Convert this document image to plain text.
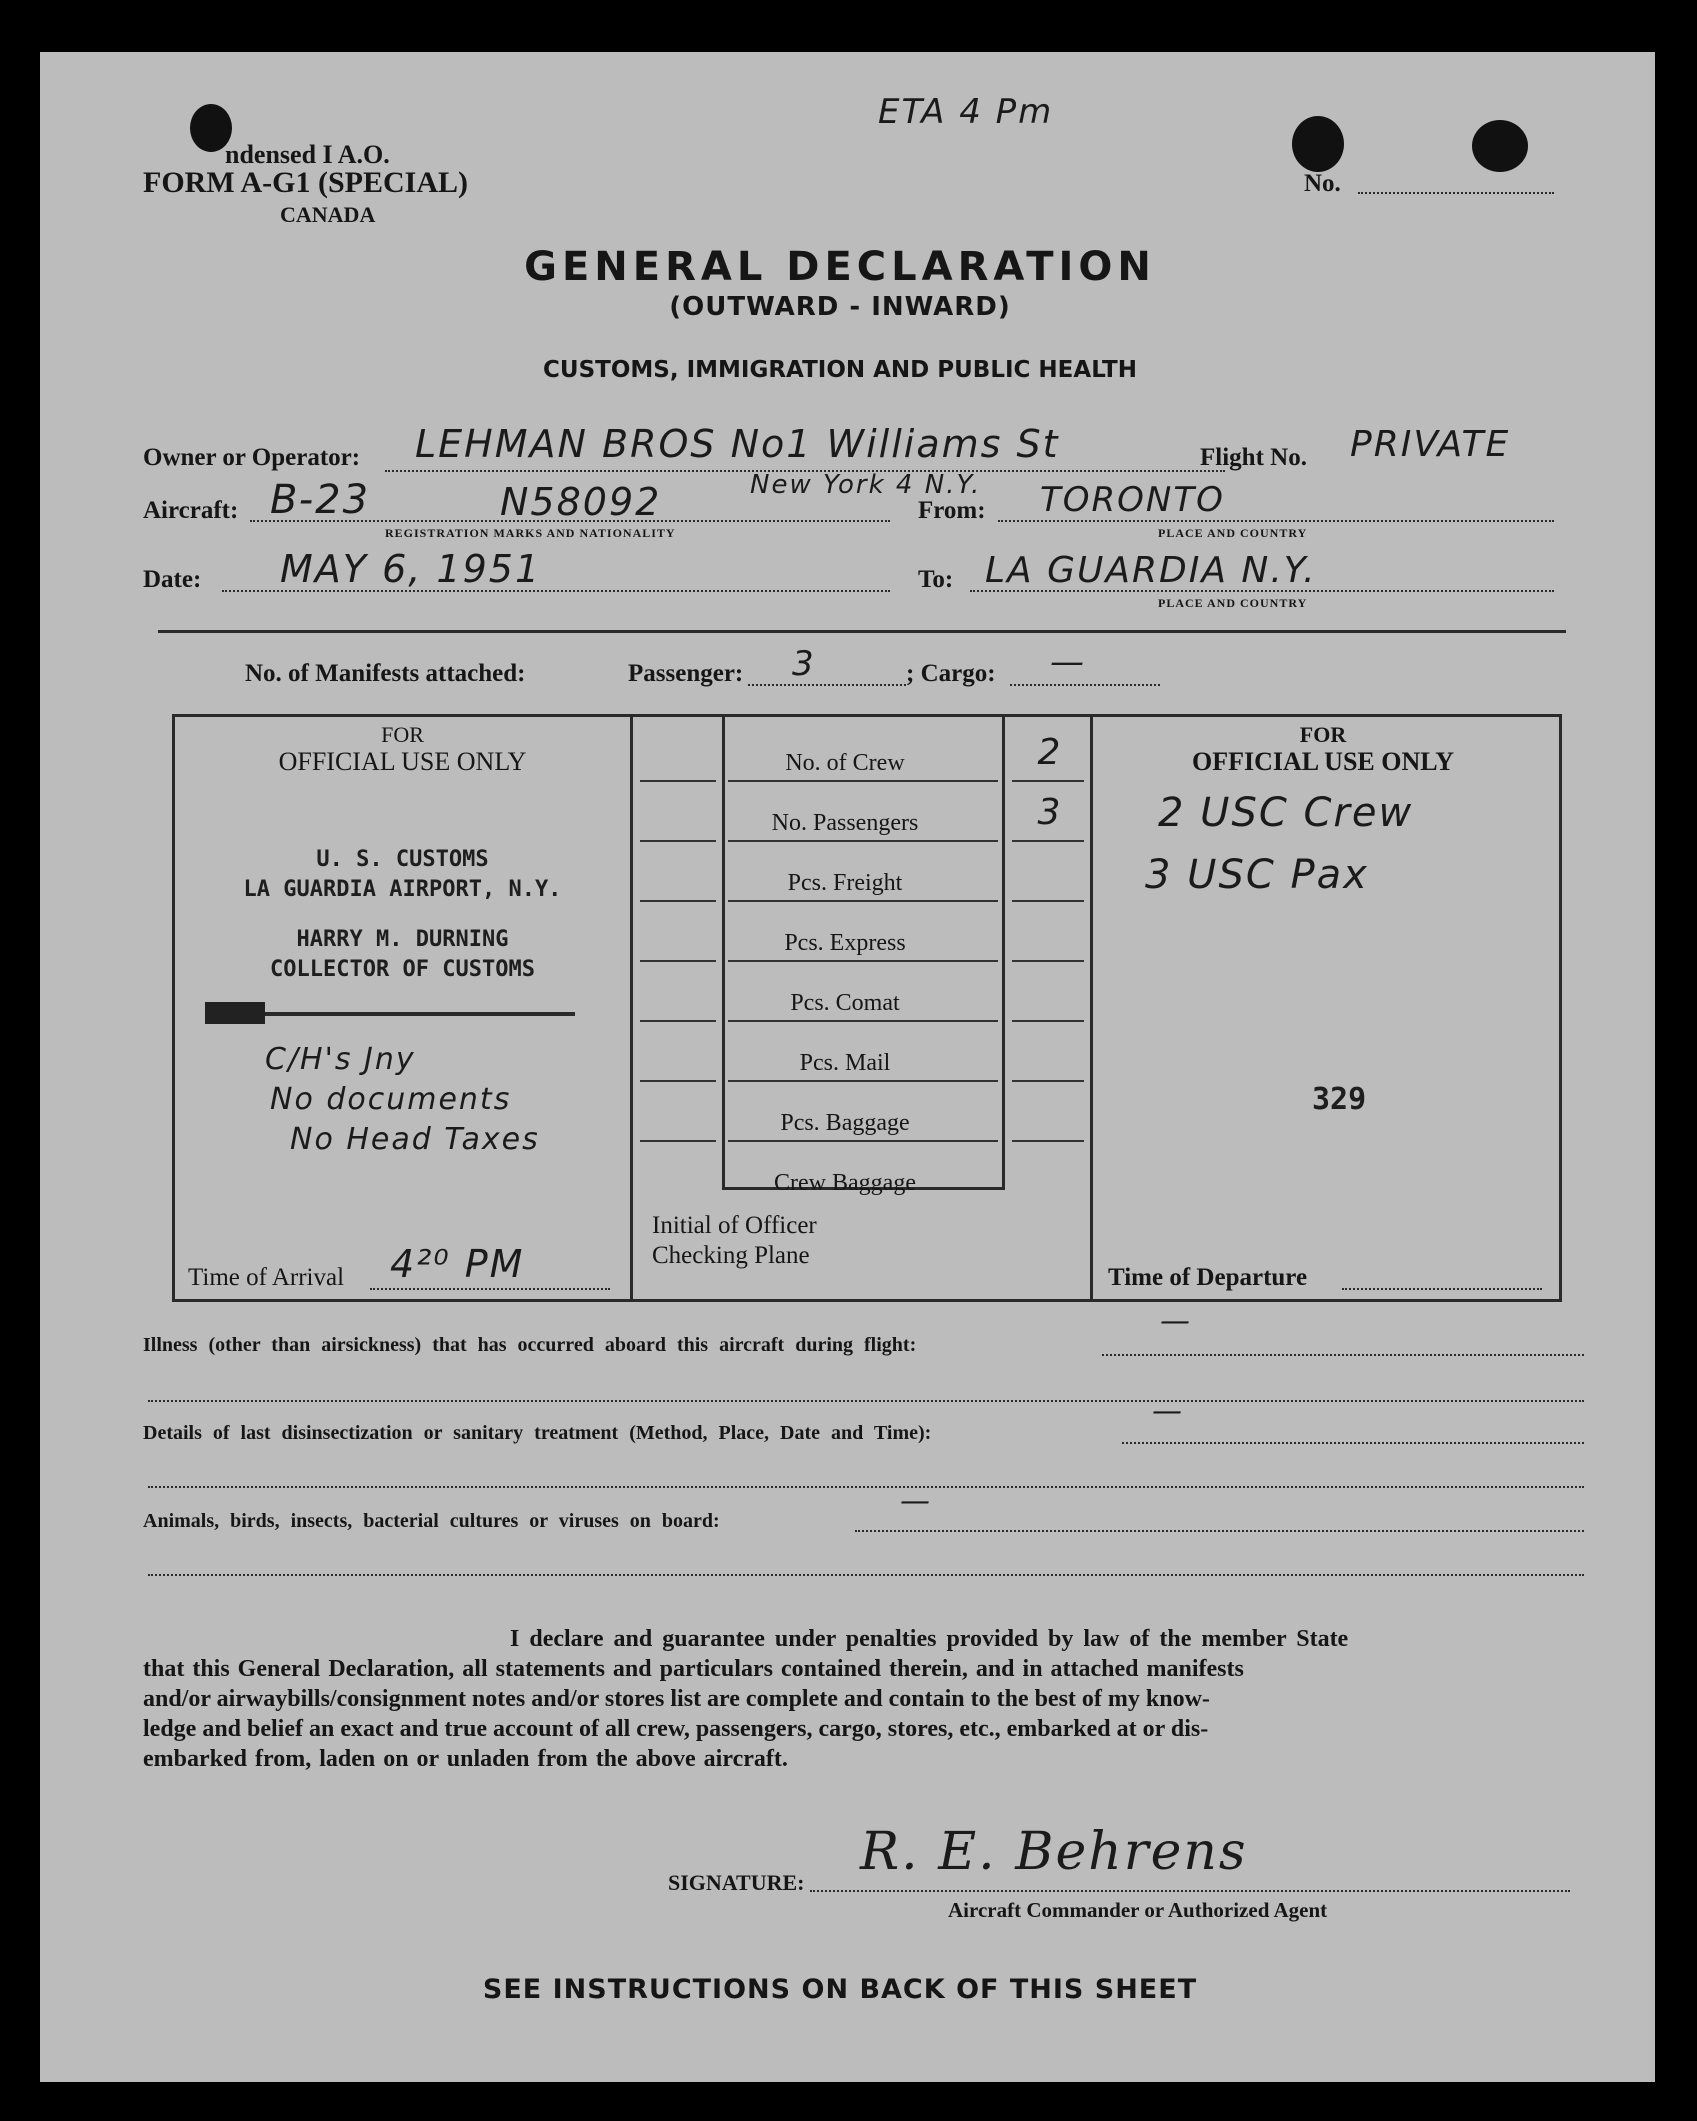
ndensed I A.O.
FORM A-G1 (SPECIAL)
CANADA
ETA 4 Pm
No.
GENERAL DECLARATION
(OUTWARD - INWARD)
CUSTOMS, IMMIGRATION AND PUBLIC HEALTH
Owner or Operator: LEHMAN BROS No1 Williams St
New York 4 N.Y.
Flight No. PRIVATE
Aircraft: B-23	N58092
REGISTRATION MARKS AND NATIONALITY
From: TORONTO
PLACE AND COUNTRY
Date: MAY 6, 1951	To: LA GUARDIA N.Y.
PLACE AND COUNTRY
No. of Manifests attached:	Passenger: 3	; Cargo: —
FOR
OFFICIAL USE ONLY
U. S. CUSTOMS
LA GUARDIA AIRPORT, N.Y.
HARRY M. DURNING
COLLECTOR OF CUSTOMS
C/H's Jny
No documents
No Head Taxes
Time of Arrival 4²⁰ PM
Initial of Officer
Checking Plane
FOR
OFFICIAL USE ONLY
2 USC Crew
3 USC Pax
329
Time of Departure
Illness (other than airsickness) that has occurred aboard this aircraft during flight:
—
Details of last disinsectization or sanitary treatment (Method, Place, Date and Time):
—
Animals, birds, insects, bacterial cultures or viruses on board:
—
I declare and guarantee under penalties provided by law of the member State
that this General Declaration, all statements and particulars contained therein, and in attached manifests
and/or airwaybills/consignment notes and/or stores list are complete and contain to the best of my know-
ledge and belief an exact and true account of all crew, passengers, cargo, stores, etc., embarked at or dis-
embarked from, laden on or unladen from the above aircraft.
SIGNATURE:
R. E. Behrens
Aircraft Commander or Authorized Agent
SEE INSTRUCTIONS ON BACK OF THIS SHEET
No. of Crew	2
No. Passengers	3
Pcs. Freight
Pcs. Express
Pcs. Comat
Pcs. Mail
Pcs. Baggage
Crew Baggage
